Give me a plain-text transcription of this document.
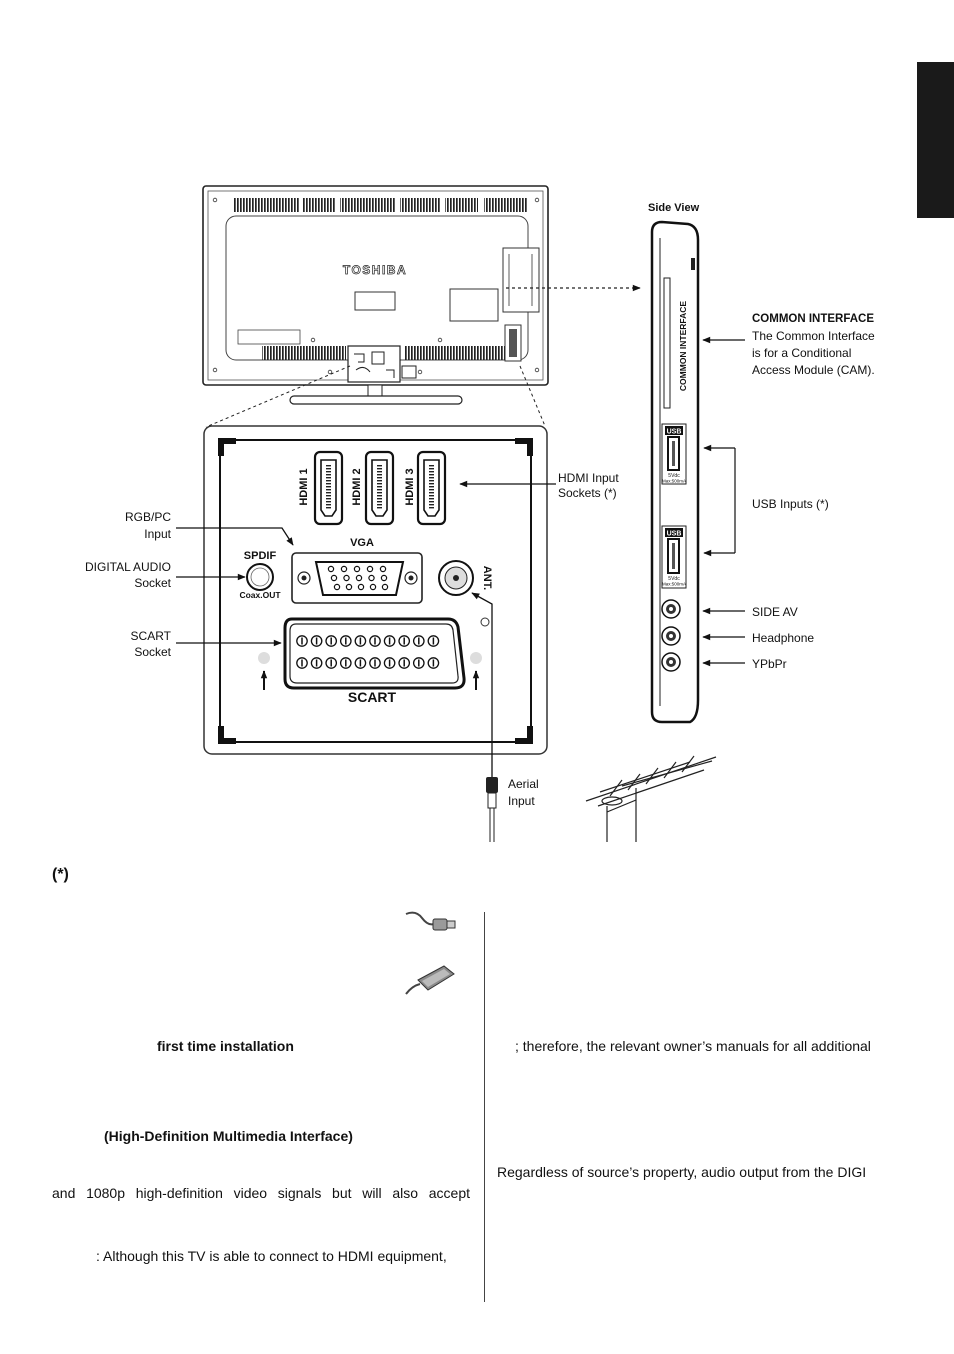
TOSHIBA
HDMI 1	HDMI 2	HDMI 3
VGA
SPDIF
Coax.OUT
ANT.
SCART
HDMI Input
Sockets (*)
RGB/PC
Input
DIGITAL AUDIO
Socket
SCART
Socket
Aerial
Input
Side View
COMMON INTERFACE
USB
5Vdc
Max:500mA
USB
5Vdc
Max:500mA
COMMON INTERFACE
The Common Interface
is for a Conditional
Access Module (CAM).
USB Inputs (*)
SIDE AV
Headphone
YPbPr
(*)
first time installation	; therefore, the relevant owner’s manuals for all additional
(High-Definition Multimedia Interface)
Regardless of source’s property, audio output from the DIGI
and 1080p high-definition video signals but will also accept
: Although this TV is able to connect to HDMI equipment,
